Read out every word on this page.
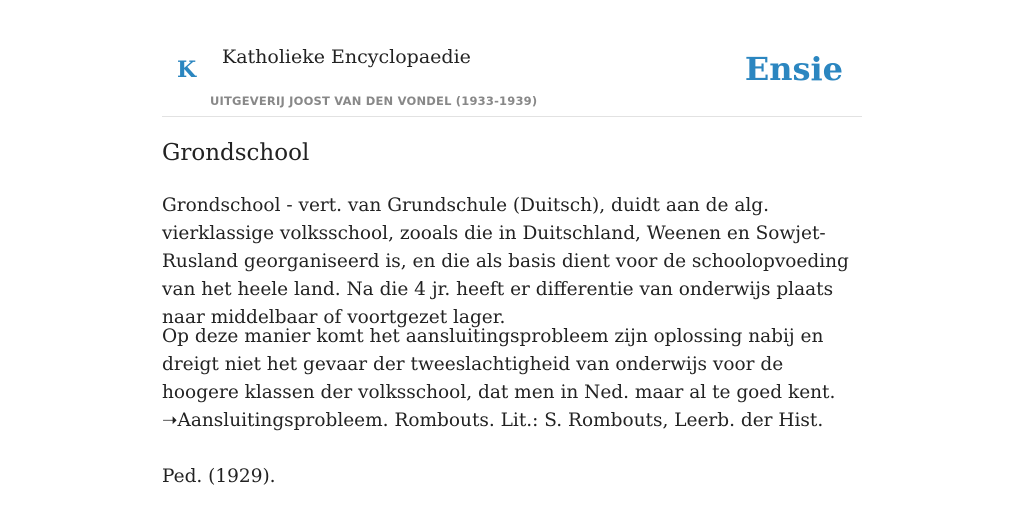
K Katholieke Encyclopaedie
UITGEVERIJ JOOST VAN DEN VONDEL (1933-1939)
Ensie
Grondschool

Grondschool - vert. van Grundschule (Duitsch), duidt aan de alg. vierklassige volksschool, zooals die in Duitschland, Weenen en Sowjet-Rusland georganiseerd is, en die als basis dient voor de schoolopvoeding van het heele land. Na die 4 jr. heeft er differentie van onderwijs plaats naar middelbaar of voortgezet lager.

Op deze manier komt het aansluitingsprobleem zijn oplossing nabij en dreigt niet het gevaar der tweeslachtigheid van onderwijs voor de hoogere klassen der volksschool, dat men in Ned. maar al te goed kent. ➝Aansluitingsprobleem. Rombouts. Lit.: S. Rombouts, Leerb. der Hist.

Ped. (1929).
